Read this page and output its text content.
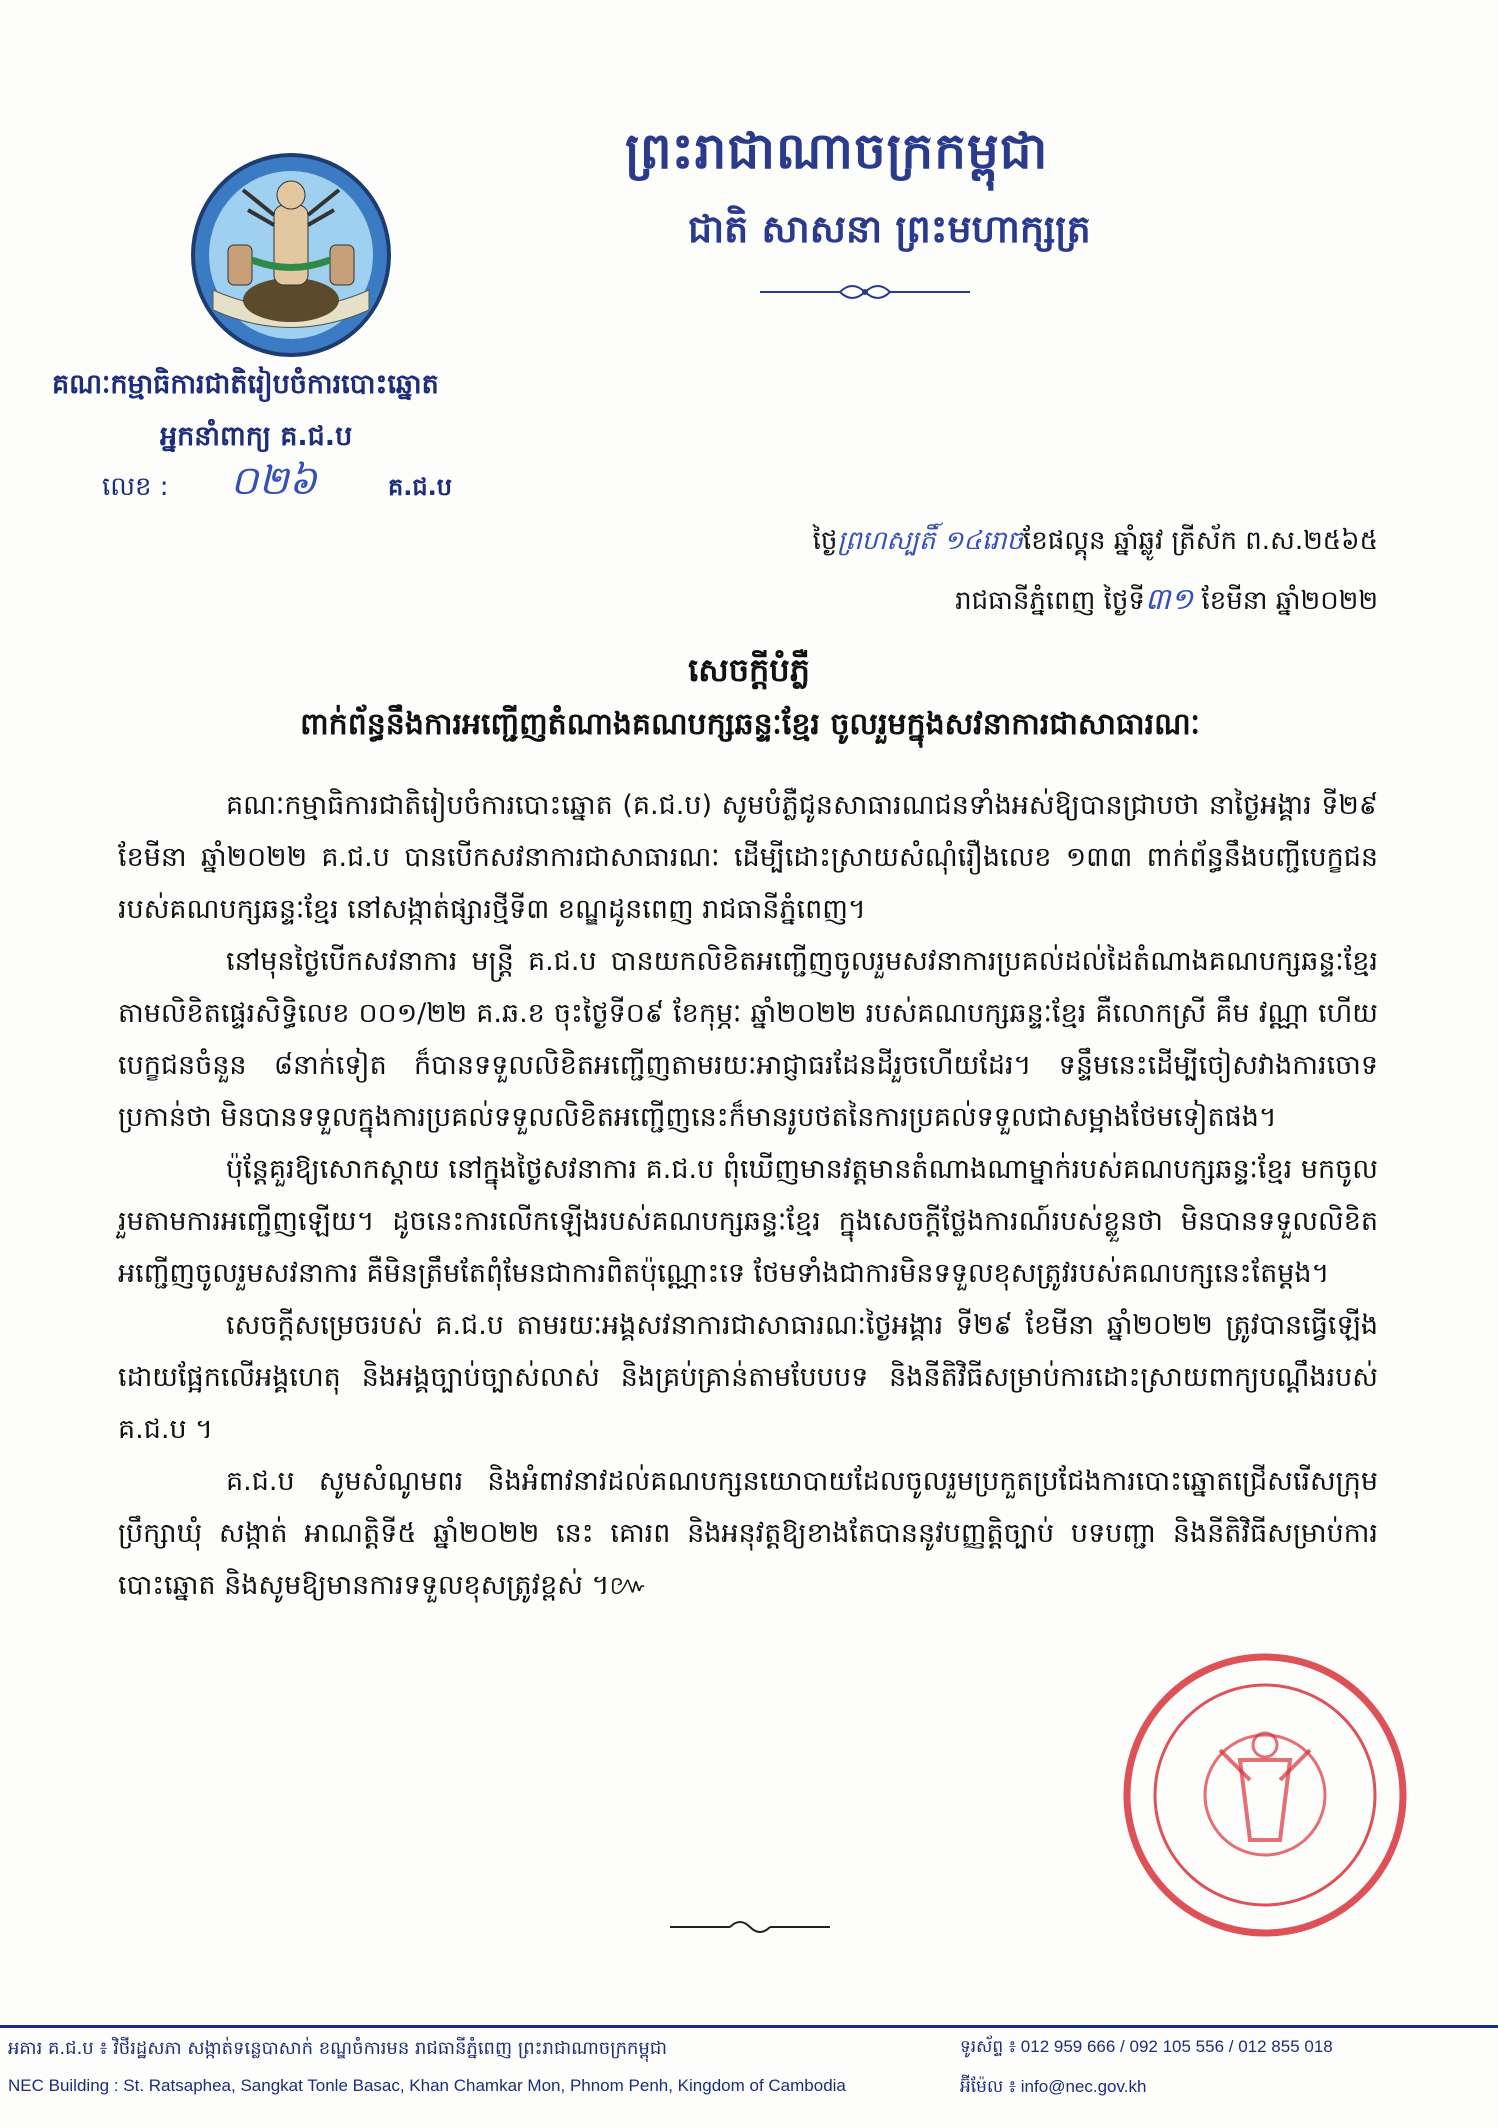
ព្រះរាជាណាចក្រកម្ពុជា
ជាតិ សាសនា ព្រះមហាក្សត្រ
គណៈកម្មាធិការជាតិរៀបចំការបោះឆ្នោត
អ្នកនាំពាក្យ គ.ជ.ប
លេខ : ០២៦	គ.ជ.ប
ថ្ងៃព្រហស្បតិ៍ ១៤រោចខែផល្គុន ឆ្នាំឆ្លូវ ត្រីស័ក ព.ស.២៥៦៥
រាជធានីភ្នំពេញ ថ្ងៃទី៣១ ខែមីនា ឆ្នាំ២០២២
សេចក្តីបំភ្លឺ
ពាក់ព័ន្ធនឹងការអញ្ជើញតំណាងគណបក្សឆន្ទៈខ្មែរ ចូលរួមក្នុងសវនាការជាសាធារណៈ

គណៈកម្មាធិការជាតិរៀបចំការបោះឆ្នោត (គ.ជ.ប) សូមបំភ្លឺជូនសាធារណជនទាំងអស់ឱ្យបានជ្រាបថា នាថ្ងៃអង្គារ ទី២៩ ខែមីនា ឆ្នាំ២០២២ គ.ជ.ប បានបើកសវនាការជាសាធារណៈ ដើម្បីដោះស្រាយសំណុំរឿងលេខ ១៣៣ ពាក់ព័ន្ធនឹងបញ្ជីបេក្ខជនរបស់គណបក្សឆន្ទៈខ្មែរ នៅសង្កាត់ផ្សារថ្មីទី៣ ខណ្ឌដូនពេញ រាជធានីភ្នំពេញ។

នៅមុនថ្ងៃបើកសវនាការ មន្ត្រី គ.ជ.ប បានយកលិខិតអញ្ជើញចូលរួមសវនាការប្រគល់ដល់ដៃតំណាងគណបក្សឆន្ទៈខ្មែរ តាមលិខិតផ្ទេរសិទ្ធិលេខ ០០១/២២ គ.ឆ.ខ ចុះថ្ងៃទី០៩ ខែកុម្ភៈ ឆ្នាំ២០២២ របស់គណបក្សឆន្ទៈខ្មែរ គឺលោកស្រី គឹម វណ្ណា ហើយបេក្ខជនចំនួន ៨នាក់ទៀត ក៏បានទទួលលិខិតអញ្ជើញតាមរយៈអាជ្ញាធរដែនដីរួចហើយដែរ។ ទន្ទឹមនេះដើម្បីចៀសវាងការចោទប្រកាន់ថា មិនបានទទួលក្នុងការប្រគល់ទទួលលិខិតអញ្ជើញនេះក៏មានរូបថតនៃការប្រគល់ទទួលជាសម្អាងថែមទៀតផង។

ប៉ុន្តែគួរឱ្យសោកស្តាយ នៅក្នុងថ្ងៃសវនាការ គ.ជ.ប ពុំឃើញមានវត្តមានតំណាងណាម្នាក់របស់គណបក្សឆន្ទៈខ្មែរ មកចូលរួមតាមការអញ្ជើញឡើយ។ ដូចនេះការលើកឡើងរបស់គណបក្សឆន្ទៈខ្មែរ ក្នុងសេចក្តីថ្លែងការណ៍របស់ខ្លួនថា មិនបានទទួលលិខិតអញ្ជើញចូលរួមសវនាការ គឺមិនត្រឹមតែពុំមែនជាការពិតប៉ុណ្ណោះទេ ថែមទាំងជាការមិនទទួលខុសត្រូវរបស់គណបក្សនេះតែម្តង។

សេចក្តីសម្រេចរបស់ គ.ជ.ប តាមរយៈអង្គសវនាការជាសាធារណៈថ្ងៃអង្គារ ទី២៩ ខែមីនា ឆ្នាំ២០២២ ត្រូវបានធ្វើឡើងដោយផ្អែកលើអង្គហេតុ និងអង្គច្បាប់ច្បាស់លាស់ និងគ្រប់គ្រាន់តាមបែបបទ និងនីតិវិធីសម្រាប់ការដោះស្រាយពាក្យបណ្តឹងរបស់ គ.ជ.ប ។

គ.ជ.ប សូមសំណូមពរ និងអំពាវនាវដល់គណបក្សនយោបាយដែលចូលរួមប្រកួតប្រជែងការបោះឆ្នោតជ្រើសរើសក្រុមប្រឹក្សាឃុំ សង្កាត់ អាណត្តិទី៥ ឆ្នាំ២០២២ នេះ គោរព និងអនុវត្តឱ្យខាងតែបាននូវបញ្ញត្តិច្បាប់ បទបញ្ជា និងនីតិវិធីសម្រាប់ការបោះឆ្នោត និងសូមឱ្យមានការទទួលខុសត្រូវខ្ពស់ ។៚

អគារ គ.ជ.ប ៖ វិថីរដ្ឋសភា សង្កាត់ទន្លេបាសាក់ ខណ្ឌចំការមន រាជធានីភ្នំពេញ ព្រះរាជាណាចក្រកម្ពុជា
NEC Building : St. Ratsaphea, Sangkat Tonle Basac, Khan Chamkar Mon, Phnom Penh, Kingdom of Cambodia
ទូរស័ព្ទ ៖ 012 959 666 / 092 105 556 / 012 855 018
អ៊ីម៉ែល ៖ info@nec.gov.kh
